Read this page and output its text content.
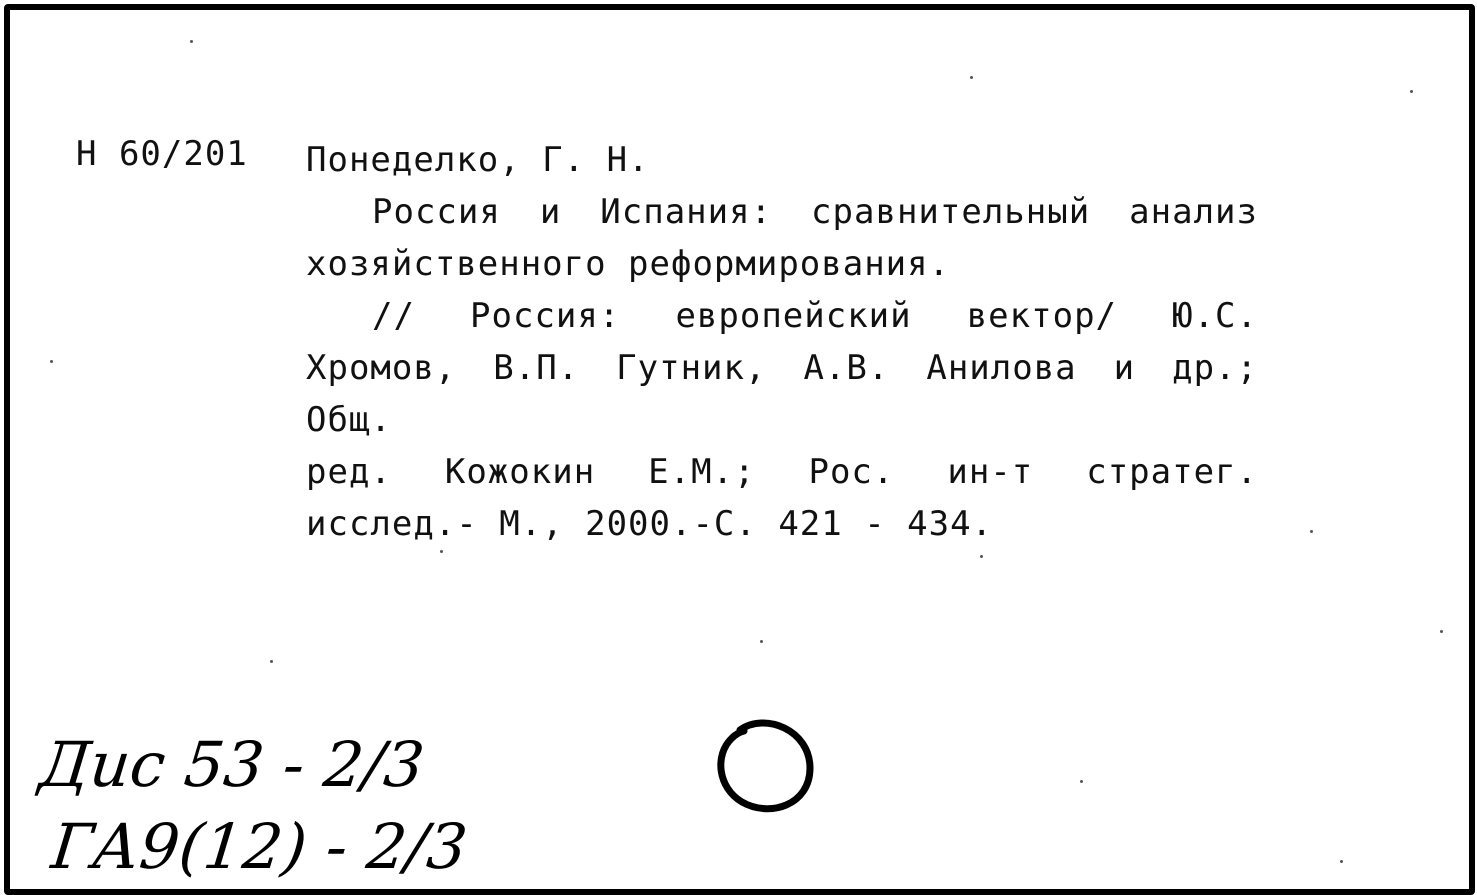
Н 60/201 Понеделко, Г. Н.
Россия и Испания: сравнительный анализ
хозяйственного реформирования.
// Россия: европейский вектор/ Ю.С.
Хромов, В.П. Гутник, А.В. Анилова и др.; Общ.
ред. Кожокин Е.М.; Рос. ин-т стратег.
исслед.- М., 2000.-С. 421 - 434.
Дис 53 - 2/3
ГА9(12) - 2/3
